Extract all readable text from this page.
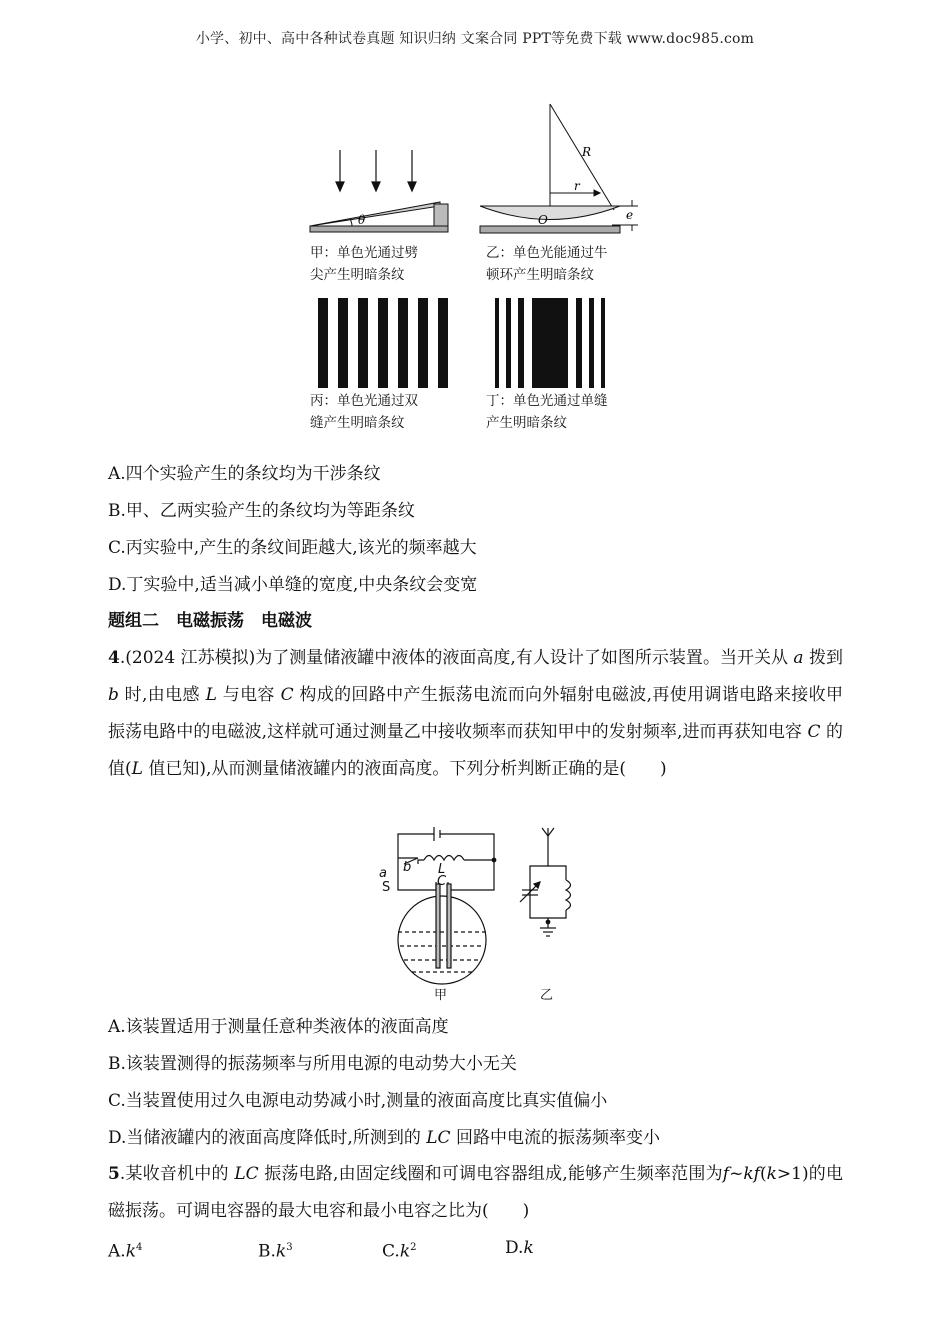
小学、初中、高中各种试卷真题 知识归纳 文案合同 PPT等免费下载 www.doc985.com
θ
R
r
O	e
甲：单色光通过劈
尖产生明暗条纹
乙：单色光能通过牛
顿环产生明暗条纹
丙：单色光通过双
缝产生明暗条纹
丁：单色光通过单缝
产生明暗条纹
A.四个实验产生的条纹均为干涉条纹
B.甲、乙两实验产生的条纹均为等距条纹
C.丙实验中,产生的条纹间距越大,该光的频率越大
D.丁实验中,适当减小单缝的宽度,中央条纹会变宽
题组二　电磁振荡　电磁波
4.(2024 江苏模拟)为了测量储液罐中液体的液面高度,有人设计了如图所示装置。当开关从 a 拨到 b 时,由电感 L 与电容 C 构成的回路中产生振荡电流而向外辐射电磁波,再使用调谐电路来接收甲振荡电路中的电磁波,这样就可通过测量乙中接收频率而获知甲中的发射频率,进而再获知电容 C 的值(L 值已知),从而测量储液罐内的液面高度。下列分析判断正确的是(　　)
a b L
C
S
甲	乙
A.该装置适用于测量任意种类液体的液面高度
B.该装置测得的振荡频率与所用电源的电动势大小无关
C.当装置使用过久电源电动势减小时,测量的液面高度比真实值偏小
D.当储液罐内的液面高度降低时,所测到的 LC 回路中电流的振荡频率变小
5.某收音机中的 LC 振荡电路,由固定线圈和可调电容器组成,能够产生频率范围为f~kf(k>1)的电磁振荡。可调电容器的最大电容和最小电容之比为(　　)
$A.k^4$	$B.k^3$	$C.k^2$	D.k
